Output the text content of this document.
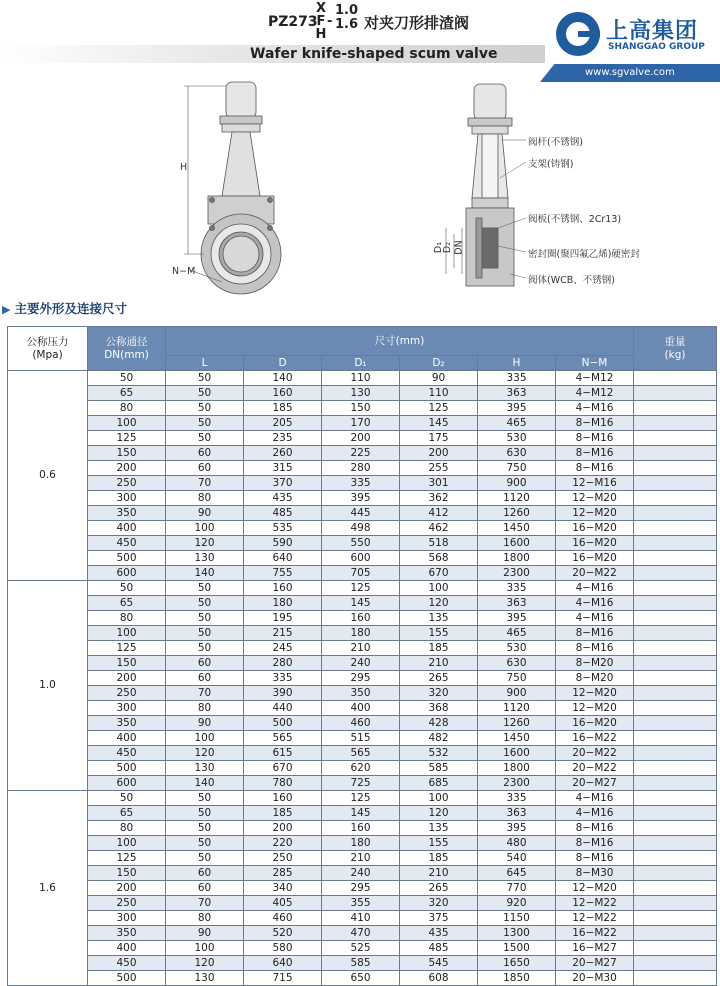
PZ273
X
F
H
-
1.0
1.6 对夹刀形排渣阀
Wafer knife-shaped scum valve
上高集团
SHANGGAO GROUP
www.sgvalve.com
H
N−M
D₁
D₂ DN
阀杆(不锈钢)
支架(铸钢)
阀板(不锈钢、2Cr13)
密封圈(聚四氟乙烯)硬密封
阀体(WCB、不锈钢)
▶ 主要外形及连接尺寸
公称压力
(Mpa)	公称通径
DN(mm)	尺寸(mm)						重量
(kg)
		L	D	D₁	D₂	H	N−M	
0.6	50	50	140	110	90	335	4−M12	
	65	50	160	130	110	363	4−M12	
	80	50	185	150	125	395	4−M16	
	100	50	205	170	145	465	8−M16	
	125	50	235	200	175	530	8−M16	
	150	60	260	225	200	630	8−M16	
	200	60	315	280	255	750	8−M16	
	250	70	370	335	301	900	12−M16	
	300	80	435	395	362	1120	12−M20	
	350	90	485	445	412	1260	12−M20	
	400	100	535	498	462	1450	16−M20	
	450	120	590	550	518	1600	16−M20	
	500	130	640	600	568	1800	16−M20	
	600	140	755	705	670	2300	20−M22	
1.0	50	50	160	125	100	335	4−M16	
	65	50	180	145	120	363	4−M16	
	80	50	195	160	135	395	4−M16	
	100	50	215	180	155	465	8−M16	
	125	50	245	210	185	530	8−M16	
	150	60	280	240	210	630	8−M20	
	200	60	335	295	265	750	8−M20	
	250	70	390	350	320	900	12−M20	
	300	80	440	400	368	1120	12−M20	
	350	90	500	460	428	1260	16−M20	
	400	100	565	515	482	1450	16−M22	
	450	120	615	565	532	1600	20−M22	
	500	130	670	620	585	1800	20−M22	
	600	140	780	725	685	2300	20−M27	
1.6	50	50	160	125	100	335	4−M16	
	65	50	185	145	120	363	4−M16	
	80	50	200	160	135	395	8−M16	
	100	50	220	180	155	480	8−M16	
	125	50	250	210	185	540	8−M16	
	150	60	285	240	210	645	8−M30	
	200	60	340	295	265	770	12−M20	
	250	70	405	355	320	920	12−M22	
	300	80	460	410	375	1150	12−M22	
	350	90	520	470	435	1300	16−M22	
	400	100	580	525	485	1500	16−M27	
	450	120	640	585	545	1650	20−M27	
	500	130	715	650	608	1850	20−M30	
